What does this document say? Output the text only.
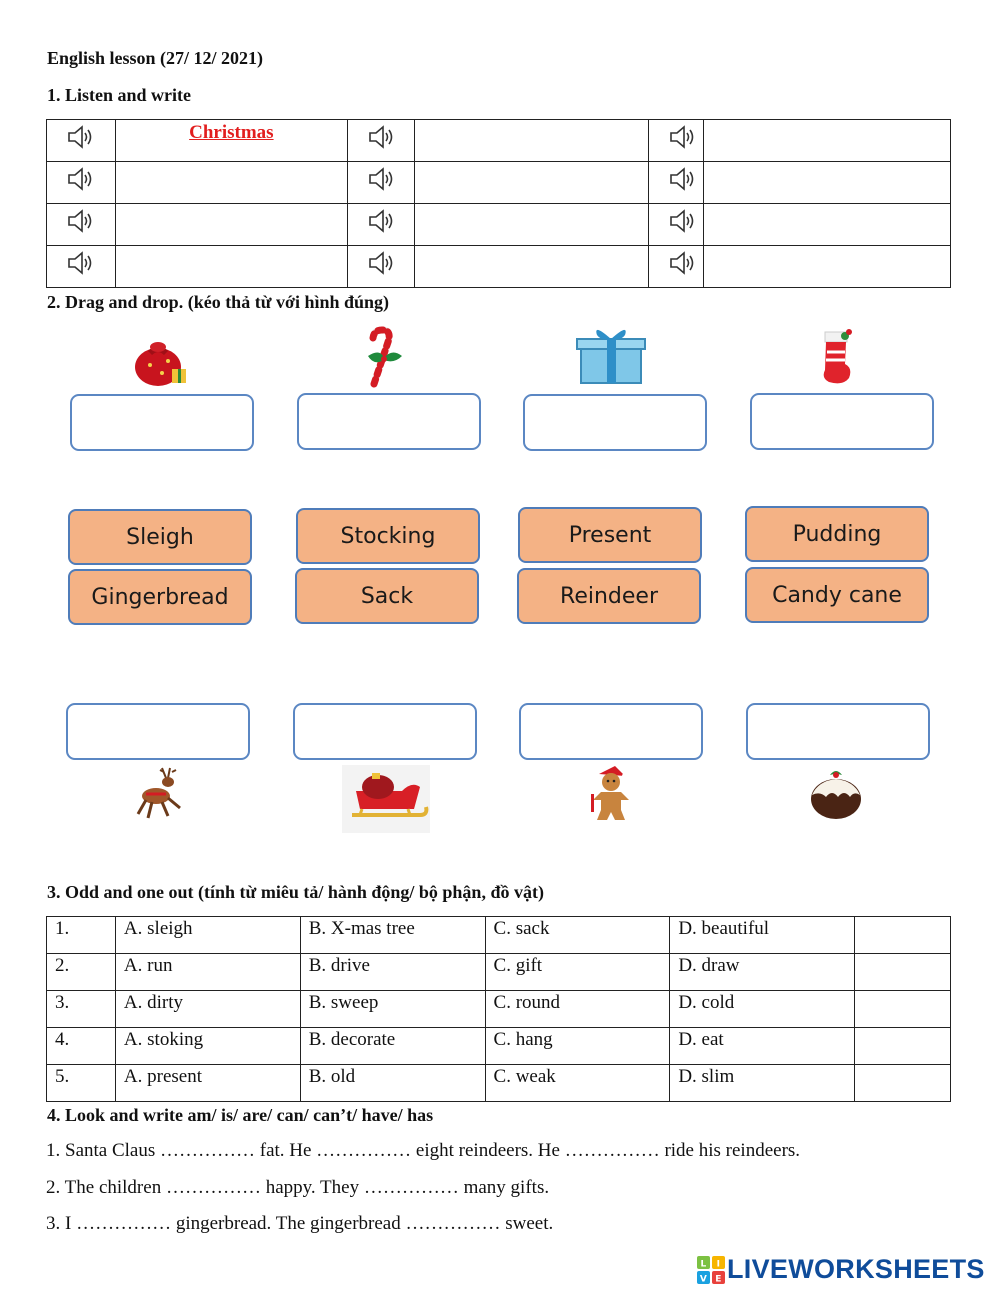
English lesson (27/ 12/ 2021)
1. Listen and write

Christmas

2. Drag and drop. (kéo thả từ với hình đúng)
Sleigh	Stocking	Present	Pudding
Gingerbread	Sack	Reindeer	Candy cane
3. Odd and one out (tính từ miêu tả/ hành động/ bộ phận, đồ vật)
1.	A. sleigh	B. X-mas tree	C. sack	D. beautiful	
2.	A. run	B. drive	C. gift	D. draw	
3.	A. dirty	B. sweep	C. round	D. cold	
4.	A. stoking	B. decorate	C. hang	D. eat	
5.	A. present	B. old	C. weak	D. slim	
4. Look and write am/ is/ are/ can/ can’t/ have/ has
1. Santa Claus …………… fat. He …………… eight reindeers. He …………… ride his reindeers.
2. The children …………… happy. They …………… many gifts.
3. I …………… gingerbread. The gingerbread …………… sweet.
L I
V E LIVEWORKSHEETS
